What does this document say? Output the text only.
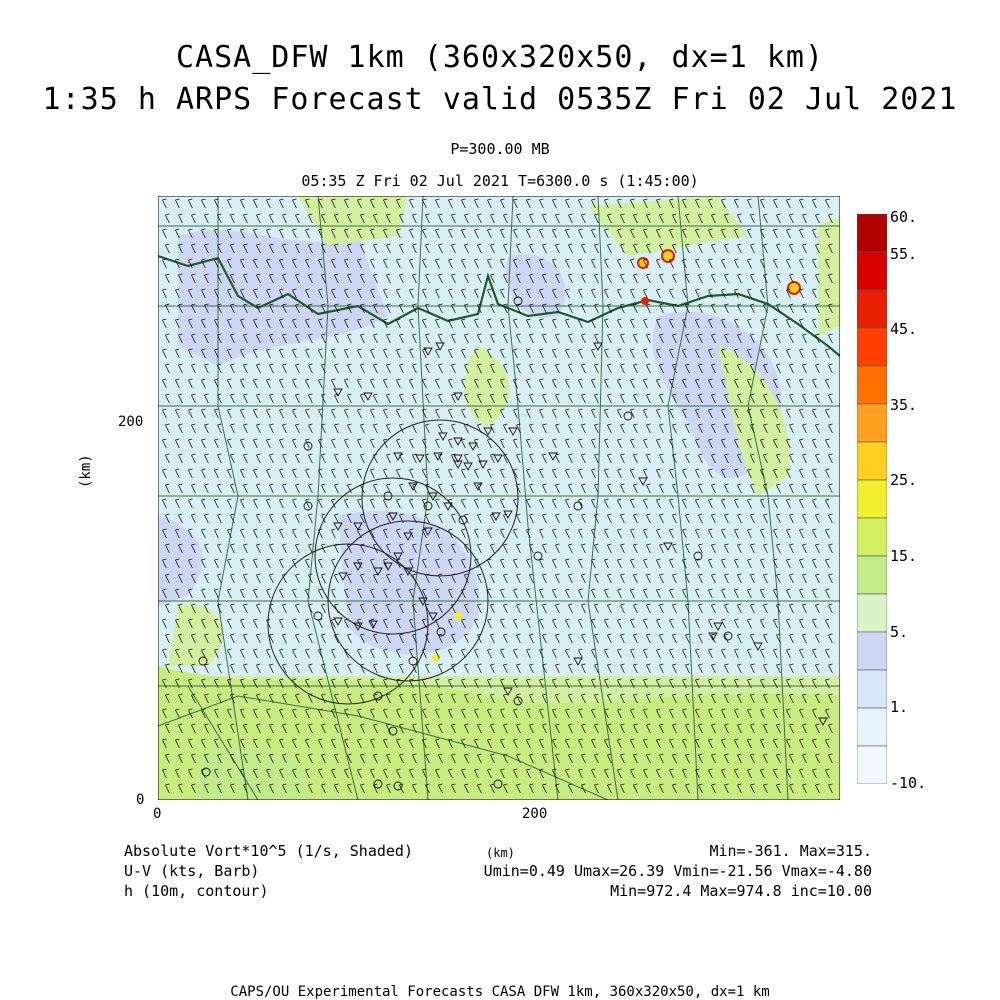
CASA_DFW 1km (360x320x50, dx=1 km)
1:35 h ARPS Forecast valid 0535Z Fri 02 Jul 2021
P=300.00 MB
05:35 Z Fri 02 Jul 2021 T=6300.0 s (1:45:00)
200
0
(km)
0	200
60.
55.
45.
35.
25.
15.
5.
1.
-10.
Absolute Vort*10^5 (1/s, Shaded)
U-V (kts, Barb)
h (10m, contour)
(km)	Min=-361. Max=315.
Umin=0.49 Umax=26.39 Vmin=-21.56 Vmax=-4.80
Min=972.4 Max=974.8 inc=10.00
CAPS/OU Experimental Forecasts CASA DFW 1km, 360x320x50, dx=1 km
